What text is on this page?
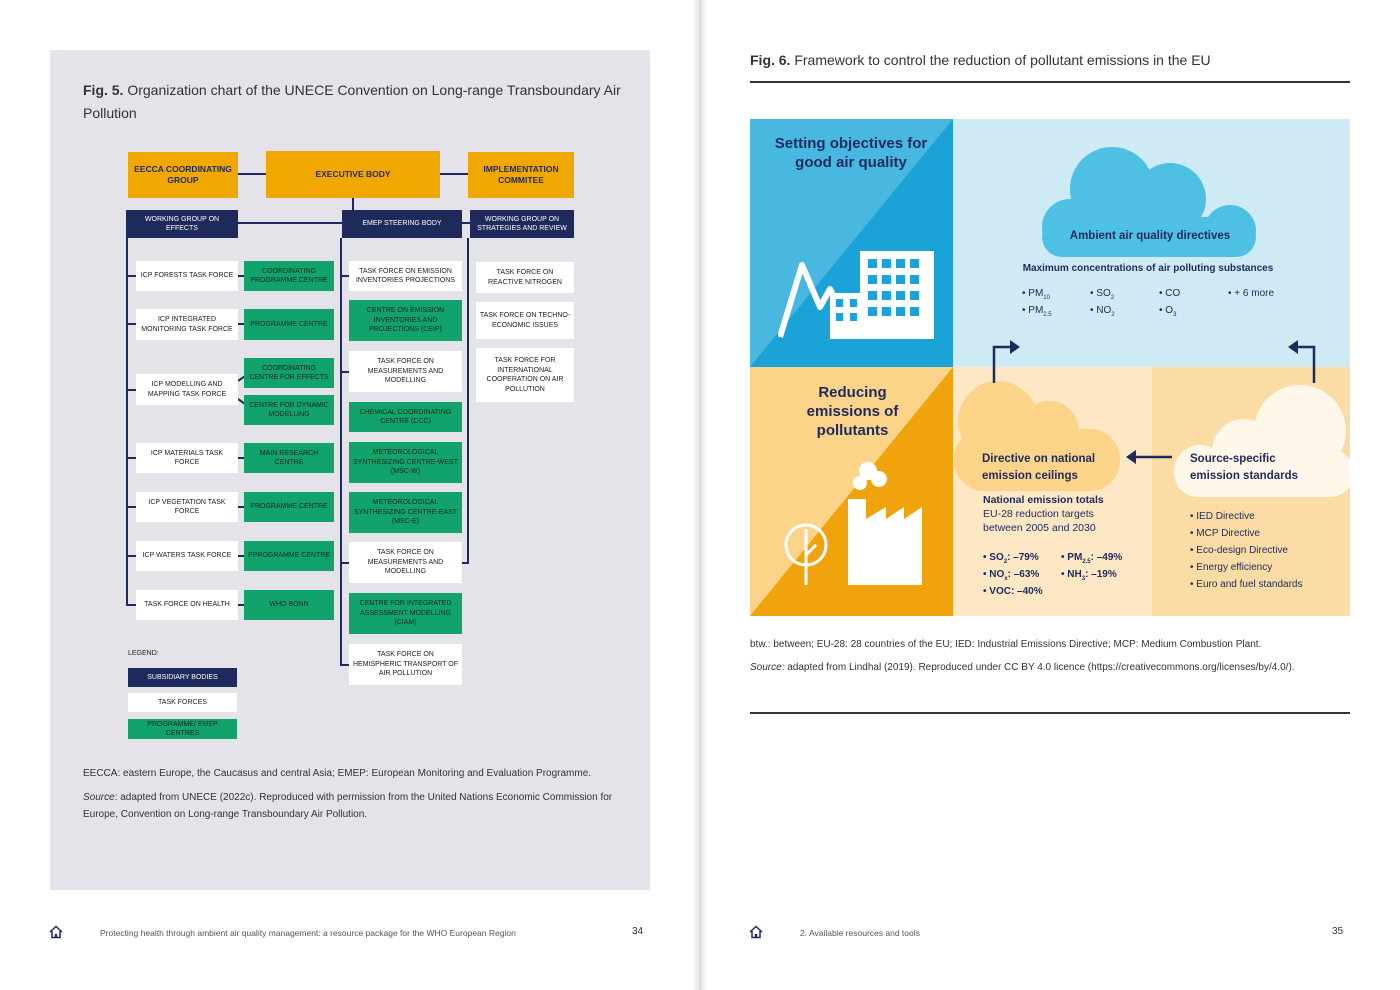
Fig. 5. Organization chart of the UNECE Convention on Long-range Transboundary Air Pollution
EECCA COORDINATING GROUP
EXECUTIVE BODY	IMPLEMENTATION COMMITEE
WORKING GROUP ON EFFECTS
EMEP STEERING BODY
WORKING GROUP ON STRATEGIES AND REVIEW
ICP FORESTS TASK FORCE
ICP INTEGRATED MONITORING TASK FORCE
ICP MODELLING AND MAPPING TASK FORCE
ICP MATERIALS TASK FORCE
ICP VEGETATION TASK FORCE
ICP WATERS TASK FORCE
TASK FORCE ON HEALTH
COORDINATING PROGRAMME CENTRE
PROGRAMME CENTRE
COORDINATING CENTRE FOR EFFECTS
CENTRE FOR DYNAMIC MODELLING
MAIN RESEARCH CENTRE
PROGRAMME CENTRE
PPROGRAMME CENTRE
WHO BONN
TASK FORCE ON EMISSION INVENTORIES PROJECTIONS
CENTRE ON EMISSION INVENTORIES AND PROJECTIONS (CEIP)
TASK FORCE ON MEASUREMENTS AND MODELLING
CHEMICAL COORDINATING CENTRE (CCC)
METEOROLOGICAL SYNTHESIZING CENTRE-WEST (MSC-W)
METEOROLOGICAL SYNTHESIZING CENTRE-EAST (MSC-E)
TASK FORCE ON MEASUREMENTS AND MODELLING
CENTRE FOR INTEGRATED ASSESSMENT MODELLING (CIAM)
TASK FORCE ON HEMISPHERIC TRANSPORT OF AIR POLLUTION
TASK FORCE ON REACTIVE NITROGEN
TASK FORCE ON TECHNO-ECONOMIC ISSUES
TASK FORCE FOR INTERNATIONAL COOPERATION ON AIR POLLUTION
LEGEND:
SUBSIDIARY BODIES
TASK FORCES
PROGRAMME/ EMEP CENTRES
EECCA: eastern Europe, the Caucasus and central Asia; EMEP: European Monitoring and Evaluation Programme.
Source: adapted from UNECE (2022c). Reproduced with permission from the United Nations Economic Commission for Europe, Convention on Long-range Transboundary Air Pollution.
Protecting health through ambient air quality management: a resource package for the WHO European Region	34
Fig. 6. Framework to control the reduction of pollutant emissions in the EU
Ambient air quality directives
Maximum concentrations of air polluting substances
• $PM_{10}$
• $PM_{2.5}$
• $SO_2$
• $NO_2$
• CO
• $O_3$
• + 6 more
Setting objectives for good air quality
Reducing emissions of pollutants
Directive on national emission ceilings
National emission totals
EU-28 reduction targets between 2005 and 2030
• $SO_2$: –79%
• $NO_x$: –63%
• VOC: –40%
• $PM_{2.5}$: –49%
• $NH_3$: –19%
Source-specific emission standards
• IED Directive
• MCP Directive
• Eco-design Directive
• Energy efficiency
• Euro and fuel standards
btw.: between; EU-28: 28 countries of the EU; IED: Industrial Emissions Directive; MCP: Medium Combustion Plant.
Source: adapted from Lindhal (2019). Reproduced under CC BY 4.0 licence (https://creativecommons.org/licenses/by/4.0/).
2. Available resources and tools	35
